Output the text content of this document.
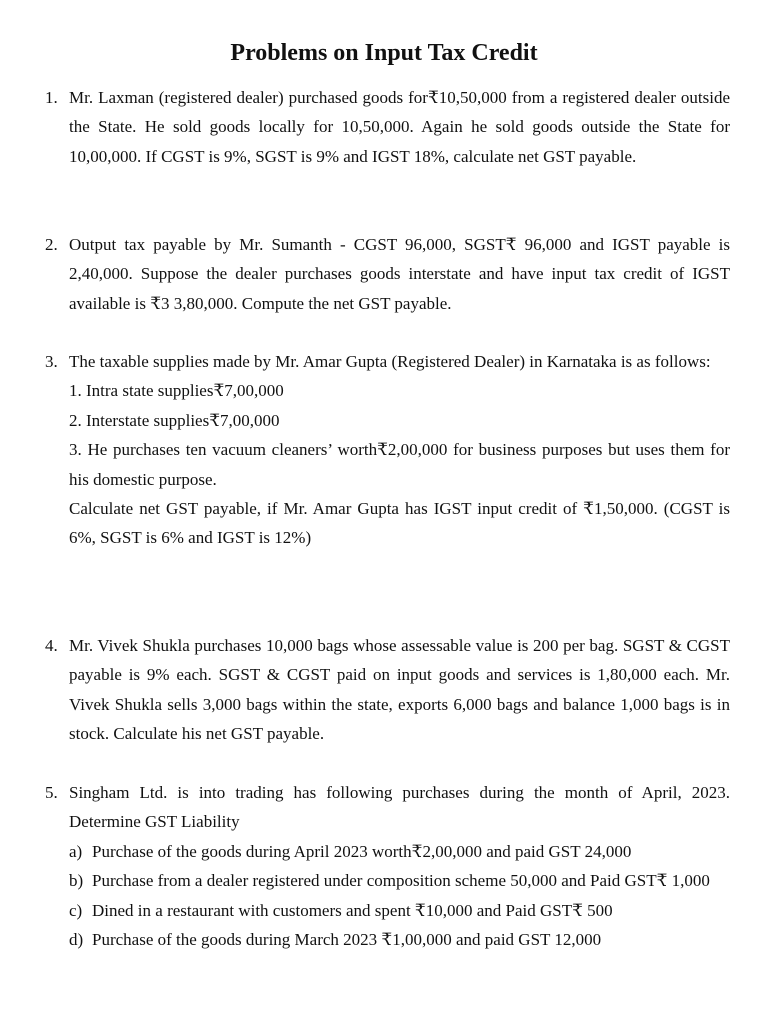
Problems on Input Tax Credit
1. Mr. Laxman (registered dealer) purchased goods for₹10,50,000 from a registered dealer outside the State. He sold goods locally for 10,50,000. Again he sold goods outside the State for 10,00,000. If CGST is 9%, SGST is 9% and IGST 18%, calculate net GST payable.

2. Output tax payable by Mr. Sumanth - CGST 96,000, SGST₹ 96,000 and IGST payable is 2,40,000. Suppose the dealer purchases goods interstate and have input tax credit of IGST available is ₹3 3,80,000. Compute the net GST payable.

3. The taxable supplies made by Mr. Amar Gupta (Registered Dealer) in Karnataka is as follows:

1. Intra state supplies₹7,00,000

2. Interstate supplies₹7,00,000

3. He purchases ten vacuum cleaners’ worth₹2,00,000 for business purposes but uses them for his domestic purpose.

Calculate net GST payable, if Mr. Amar Gupta has IGST input credit of ₹1,50,000. (CGST is 6%, SGST is 6% and IGST is 12%)

4. Mr. Vivek Shukla purchases 10,000 bags whose assessable value is 200 per bag. SGST & CGST payable is 9% each. SGST & CGST paid on input goods and services is 1,80,000 each. Mr. Vivek Shukla sells 3,000 bags within the state, exports 6,000 bags and balance 1,000 bags is in stock. Calculate his net GST payable.

5. Singham Ltd. is into trading has following purchases during the month of April, 2023. Determine GST Liability

a) Purchase of the goods during April 2023 worth₹2,00,000 and paid GST 24,000

b) Purchase from a dealer registered under composition scheme 50,000 and Paid GST₹ 1,000

c) Dined in a restaurant with customers and spent ₹10,000 and Paid GST₹ 500

d) Purchase of the goods during March 2023 ₹1,00,000 and paid GST 12,000
